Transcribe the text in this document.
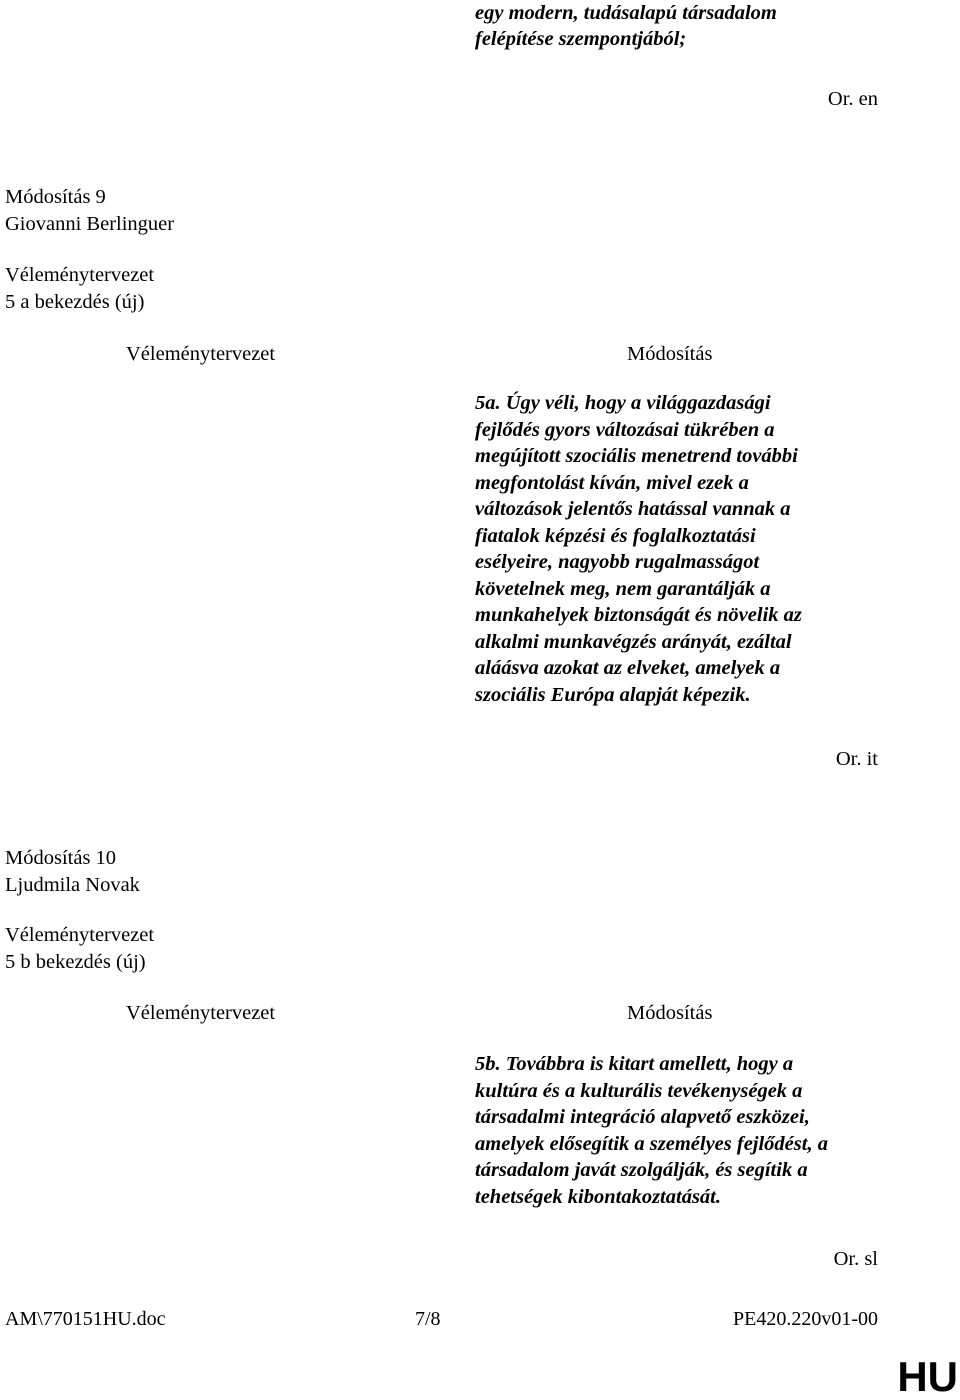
egy modern, tudásalapú társadalom
felépítése szempontjából;
Or. en
Módosítás 9
Giovanni Berlinguer
Véleménytervezet
5 a bekezdés (új)
Véleménytervezet	Módosítás
5a. Úgy véli, hogy a világgazdasági
fejlődés gyors változásai tükrében a
megújított szociális menetrend további
megfontolást kíván, mivel ezek a
változások jelentős hatással vannak a
fiatalok képzési és foglalkoztatási
esélyeire, nagyobb rugalmasságot
követelnek meg, nem garantálják a
munkahelyek biztonságát és növelik az
alkalmi munkavégzés arányát, ezáltal
aláásva azokat az elveket, amelyek a
szociális Európa alapját képezik.
Or. it
Módosítás 10
Ljudmila Novak
Véleménytervezet
5 b bekezdés (új)
Véleménytervezet	Módosítás
5b. Továbbra is kitart amellett, hogy a
kultúra és a kulturális tevékenységek a
társadalmi integráció alapvető eszközei,
amelyek elősegítik a személyes fejlődést, a
társadalom javát szolgálják, és segítik a
tehetségek kibontakoztatását.
Or. sl
AM\770151HU.doc	7/8	PE420.220v01-00
HU
